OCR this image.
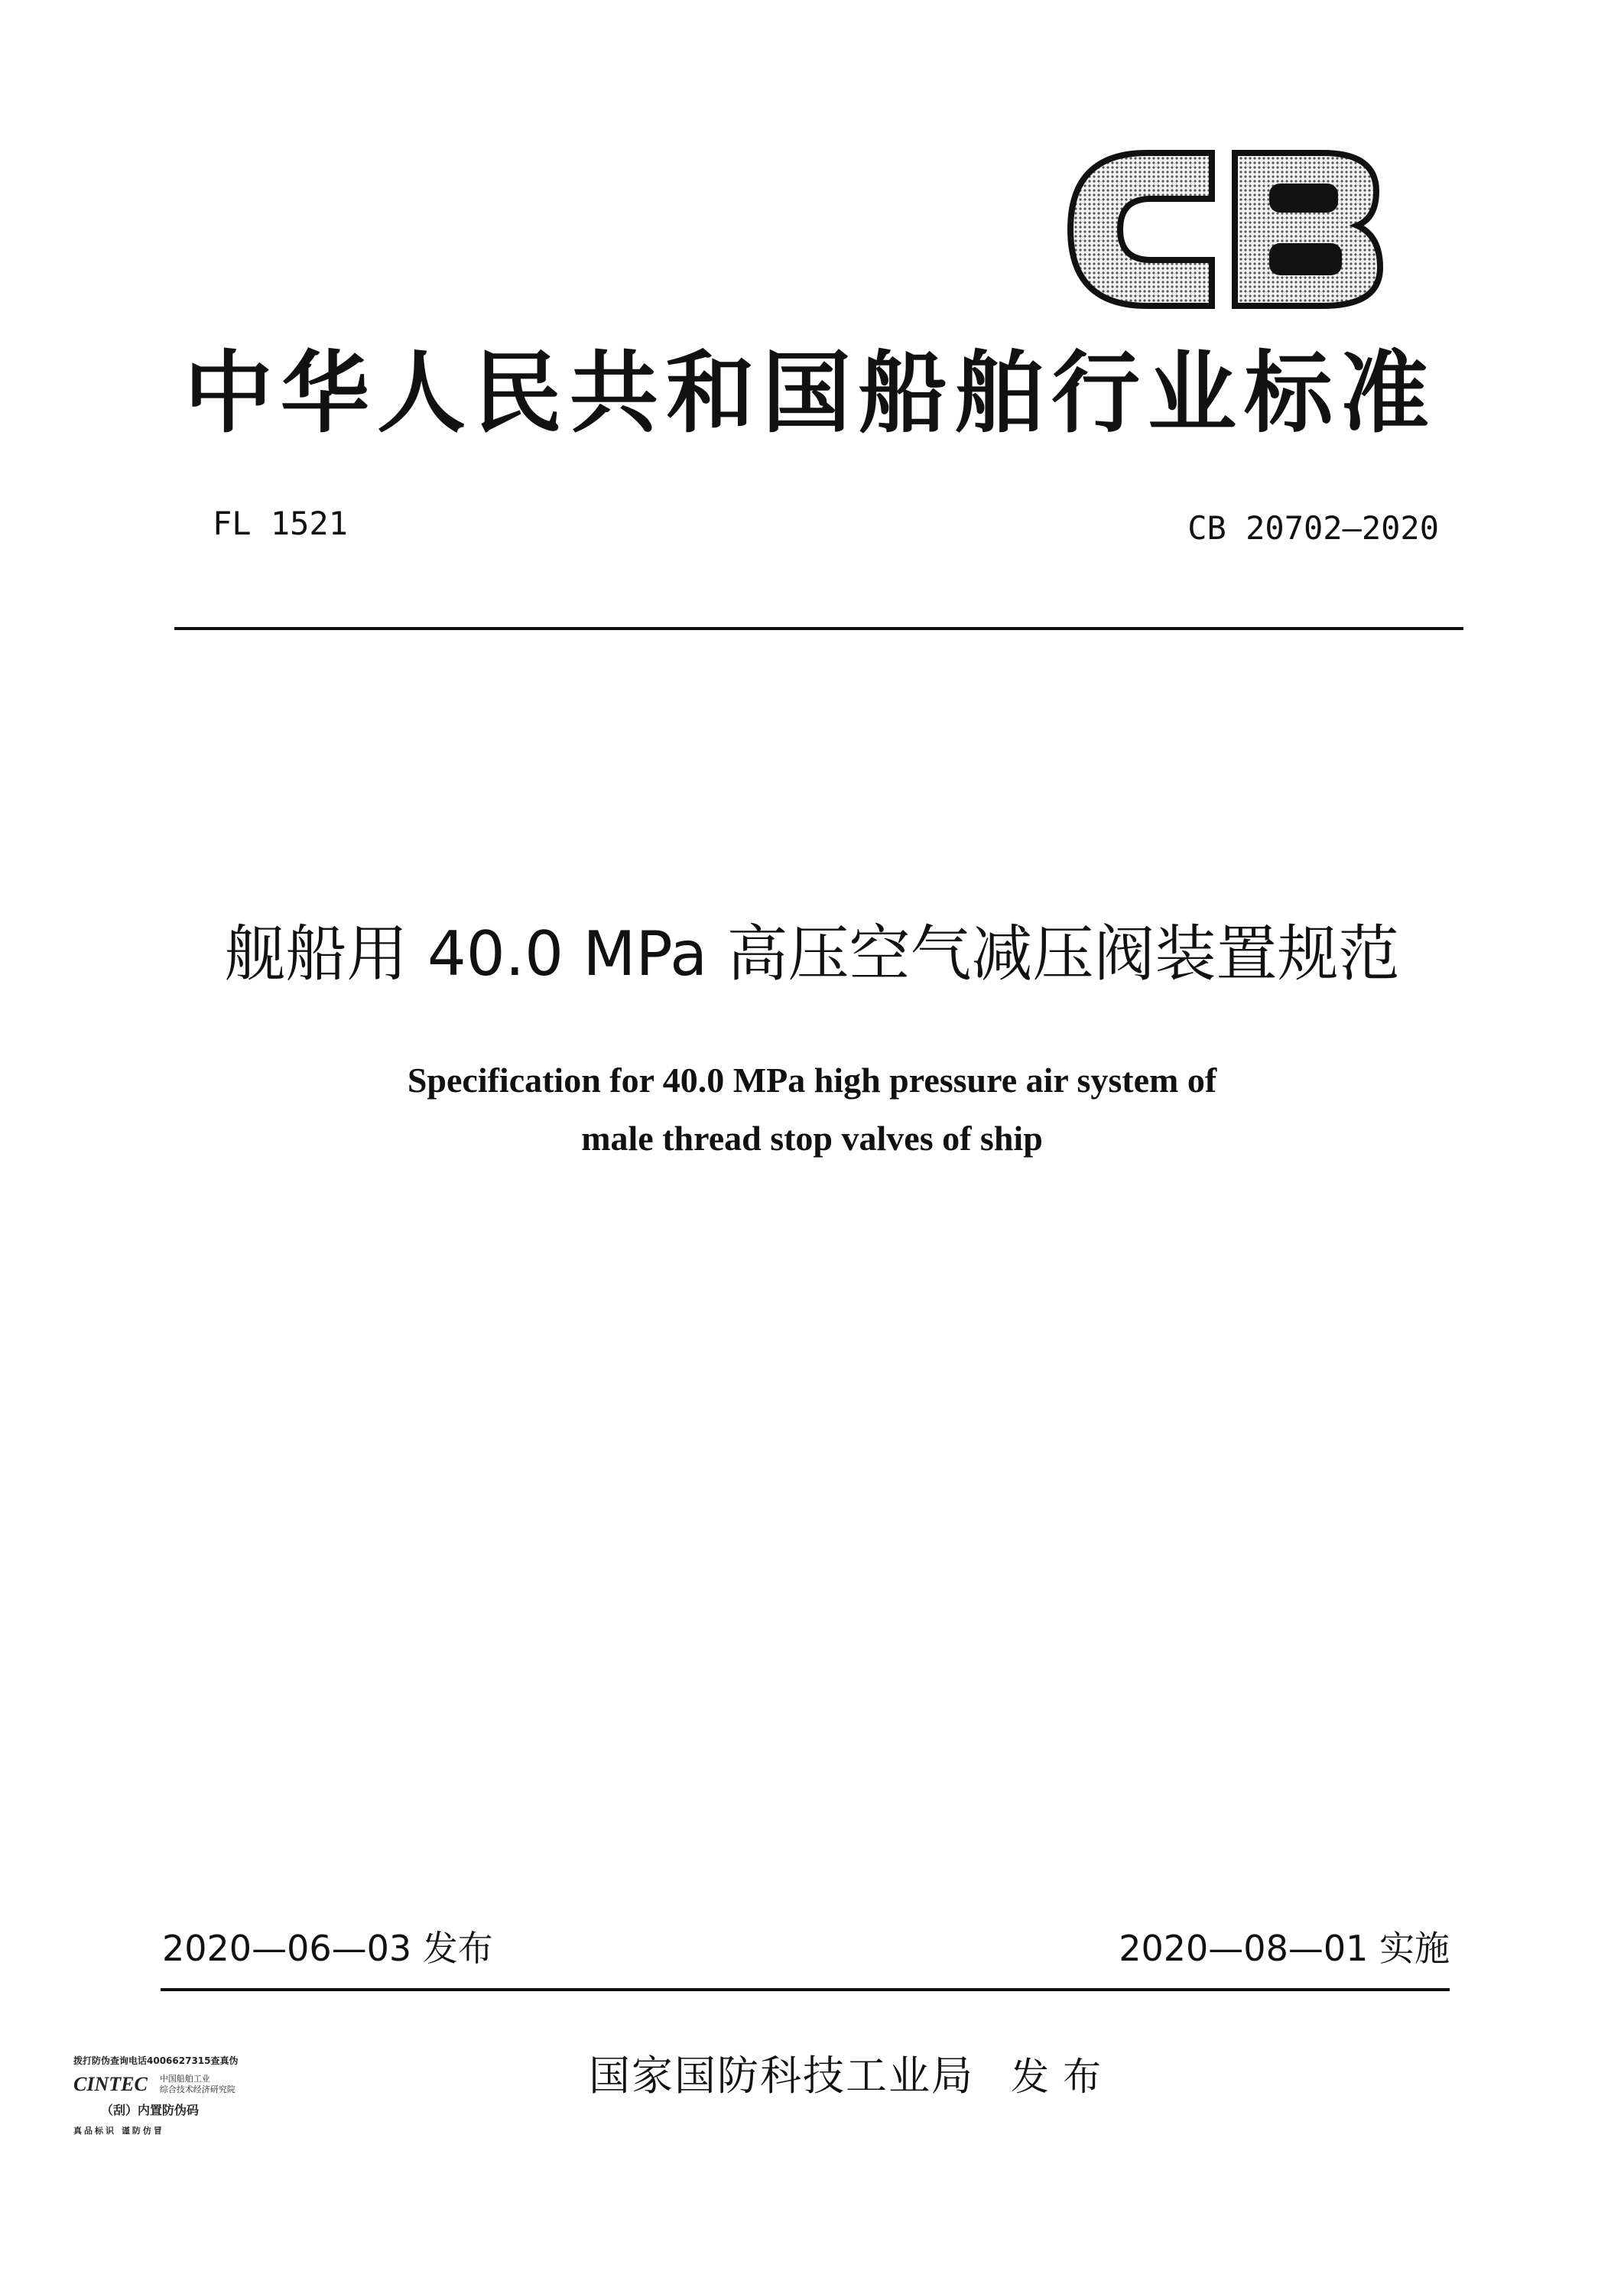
中华人民共和国船舶行业标准
FL 1521	CB 20702—2020
舰船用 40.0 MPa 高压空气减压阀装置规范
Specification for 40.0 MPa high pressure air system of
male thread stop valves of ship
2020—06—03 发布	2020—08—01 实施
国家国防科技工业局 发布
拨打防伪查询电话4006627315查真伪
CINTEC 中国船舶工业
综合技术经济研究院
（刮）内置防伪码
真品标识 谨防仿冒
